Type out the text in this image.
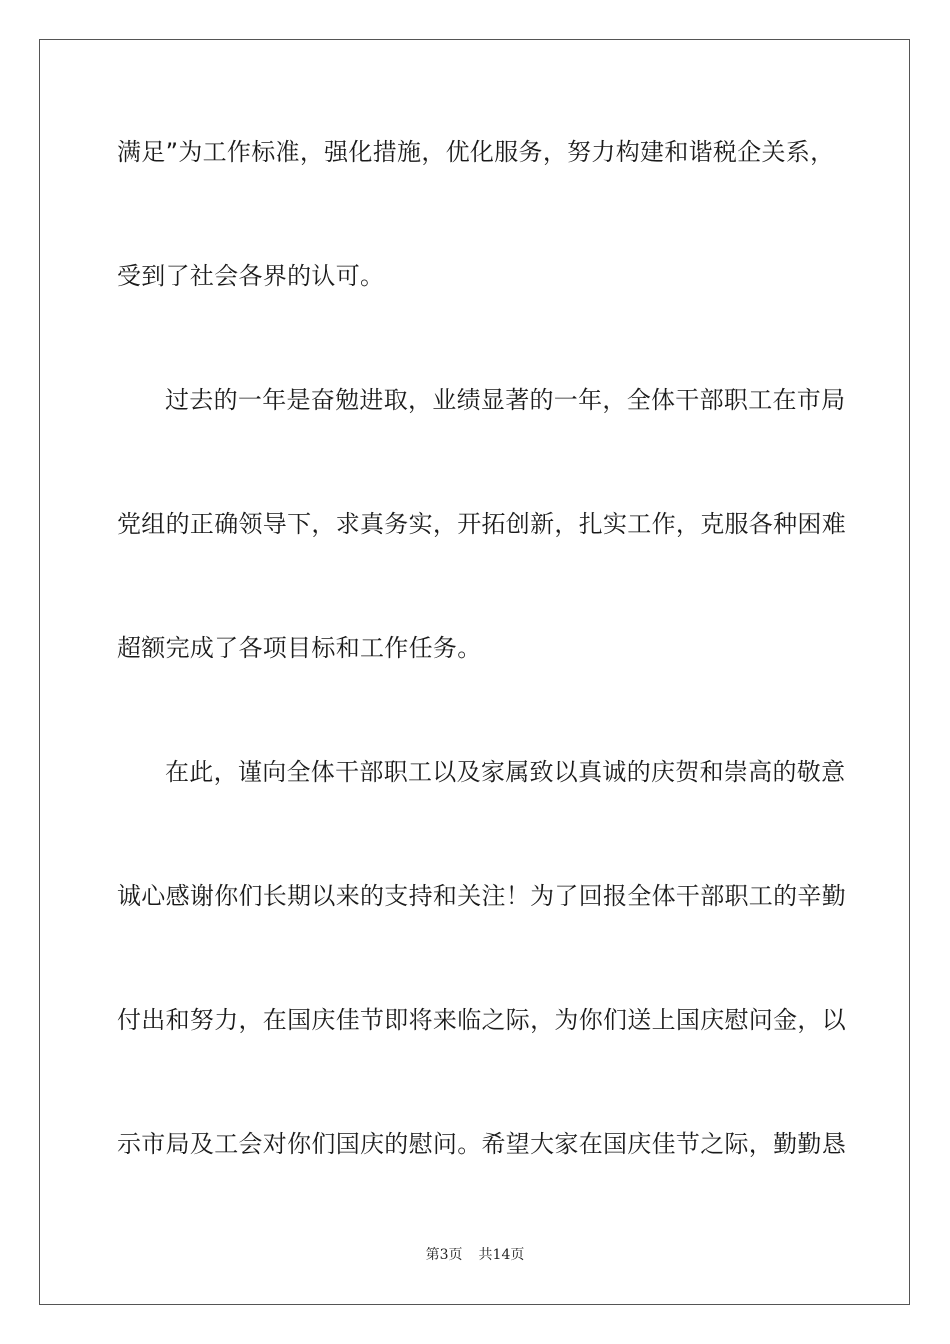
满足”为工作标准，强化措施，优化服务，努力构建和谐税企关系，
受到了社会各界的认可。
过去的一年是奋勉进取，业绩显著的一年，全体干部职工在市局
党组的正确领导下，求真务实，开拓创新，扎实工作，克服各种困难
超额完成了各项目标和工作任务。
在此，谨向全体干部职工以及家属致以真诚的庆贺和崇高的敬意
诚心感谢你们长期以来的支持和关注！为了回报全体干部职工的辛勤
付出和努力，在国庆佳节即将来临之际，为你们送上国庆慰问金，以
示市局及工会对你们国庆的慰问。希望大家在国庆佳节之际，勤勤恳
第3页 共14页
